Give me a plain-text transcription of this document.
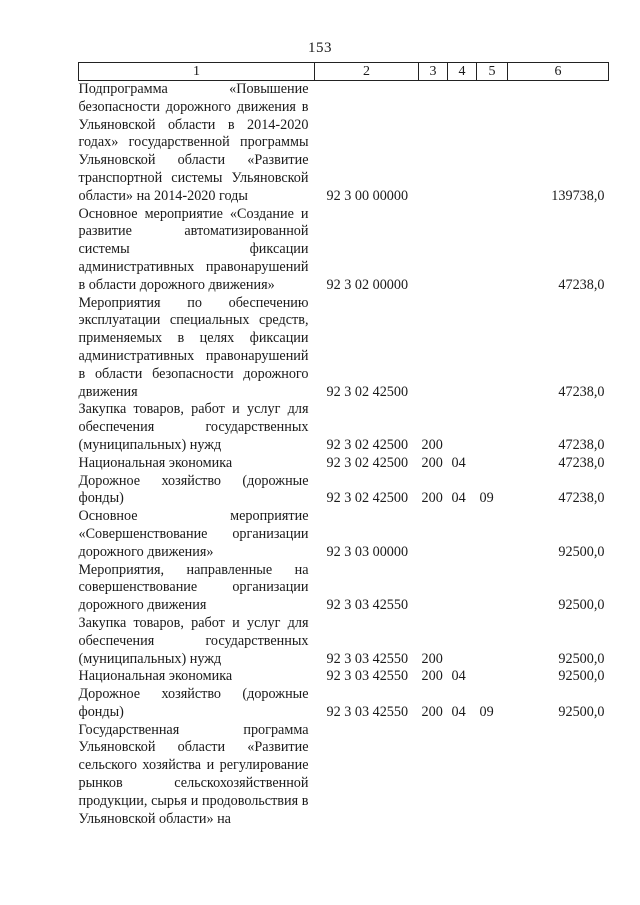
153
1	2	3	4	5	6
Подпрограмма «Повышение безопасности дорожного движения в Ульяновской области в 2014-2020 годах» государственной программы Ульяновской области «Развитие транспортной системы Ульяновской области» на 2014-2020 годы	92 3 00 00000				139738,0
Основное мероприятие «Создание и развитие автоматизированной системы фиксации административных правонарушений в области дорожного движения»	92 3 02 00000				47238,0
Мероприятия по обеспечению эксплуатации специальных средств, применяемых в целях фиксации административных правонарушений в области безопасности дорожного движения	92 3 02 42500				47238,0
Закупка товаров, работ и услуг для обеспечения государственных (муниципальных) нужд	92 3 02 42500	200			47238,0
Национальная экономика	92 3 02 42500	200	04		47238,0
Дорожное хозяйство (дорожные фонды)	92 3 02 42500	200	04	09	47238,0
Основное мероприятие «Совершенствование организации дорожного движения»	92 3 03 00000				92500,0
Мероприятия, направленные на совершенствование организации дорожного движения	92 3 03 42550				92500,0
Закупка товаров, работ и услуг для обеспечения государственных (муниципальных) нужд	92 3 03 42550	200			92500,0
Национальная экономика	92 3 03 42550	200	04		92500,0
Дорожное хозяйство (дорожные фонды)	92 3 03 42550	200	04	09	92500,0
Государственная программа Ульяновской области «Развитие сельского хозяйства и регулирование рынков сельскохозяйственной продукции, сырья и продовольствия в Ульяновской области» на					
